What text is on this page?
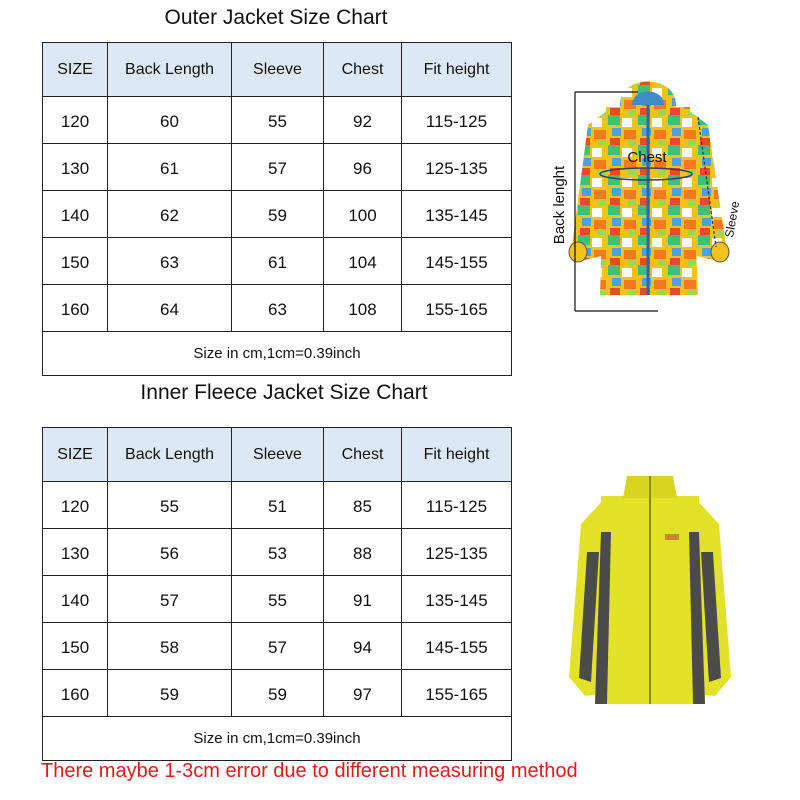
Outer Jacket Size Chart
SIZE	Back Length	Sleeve	Chest	Fit height
120	60	55	92	115-125
130	61	57	96	125-135
140	62	59	100	135-145
150	63	61	104	145-155
160	64	63	108	155-165
Size in cm,1cm=0.39inch				
Inner Fleece Jacket Size Chart
SIZE	Back Length	Sleeve	Chest	Fit height
120	55	51	85	115-125
130	56	53	88	125-135
140	57	55	91	135-145
150	58	57	94	145-155
160	59	59	97	155-165
Size in cm,1cm=0.39inch				
Chest
Back lenght	Sleeve

There maybe 1-3cm error due to different measuring method
